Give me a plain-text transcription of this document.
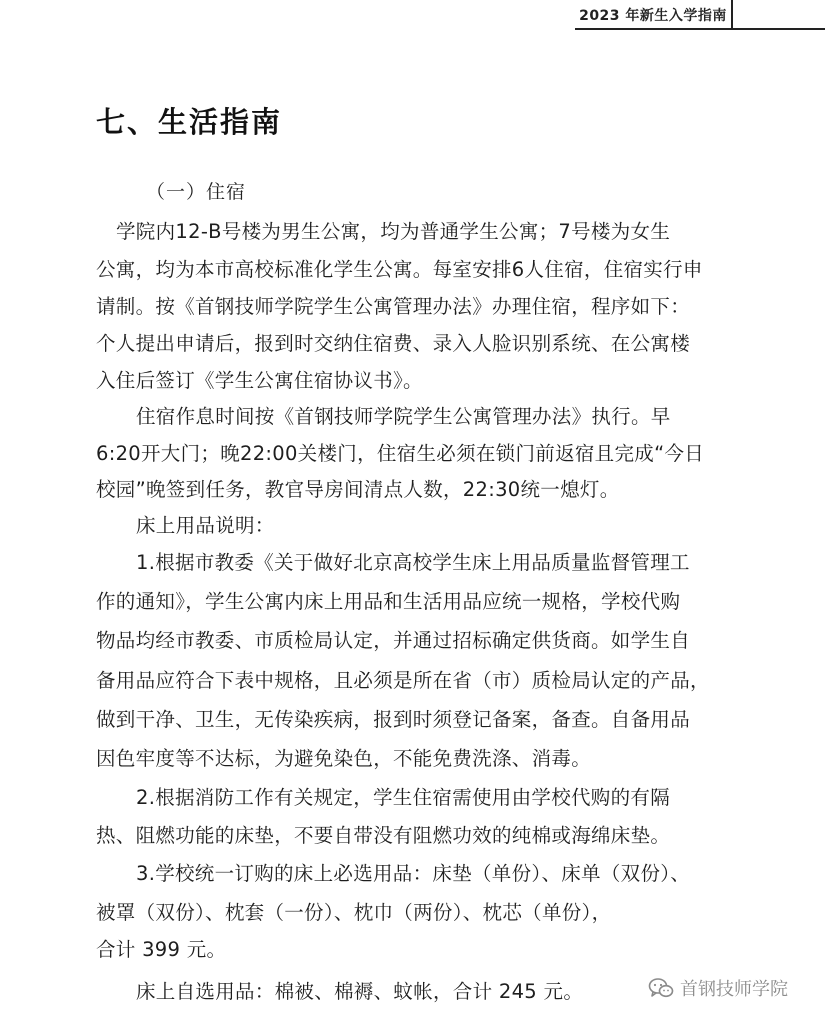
2023 年新生入学指南
七、生活指南
（一）住宿
学院内12-B号楼为男生公寓，均为普通学生公寓；7号楼为女生
公寓，均为本市高校标准化学生公寓。每室安排6人住宿，住宿实行申
请制。按《首钢技师学院学生公寓管理办法》办理住宿，程序如下：
个人提出申请后，报到时交纳住宿费、录入人脸识别系统、在公寓楼
入住后签订《学生公寓住宿协议书》。
住宿作息时间按《首钢技师学院学生公寓管理办法》执行。早
6:20开大门；晚22:00关楼门，住宿生必须在锁门前返宿且完成“今日
校园”晚签到任务，教官导房间清点人数，22:30统一熄灯。
床上用品说明：
1.根据市教委《关于做好北京高校学生床上用品质量监督管理工
作的通知》，学生公寓内床上用品和生活用品应统一规格，学校代购
物品均经市教委、市质检局认定，并通过招标确定供货商。如学生自
备用品应符合下表中规格，且必须是所在省（市）质检局认定的产品，
做到干净、卫生，无传染疾病，报到时须登记备案，备查。自备用品
因色牢度等不达标，为避免染色，不能免费洗涤、消毒。
2.根据消防工作有关规定，学生住宿需使用由学校代购的有隔
热、阻燃功能的床垫，不要自带没有阻燃功效的纯棉或海绵床垫。
3.学校统一订购的床上必选用品：床垫（单份）、床单（双份）、
被罩（双份）、枕套（一份）、枕巾（两份）、枕芯（单份），
合计 399 元。
床上自选用品：棉被、棉褥、蚊帐，合计 245 元。	首钢技师学院
